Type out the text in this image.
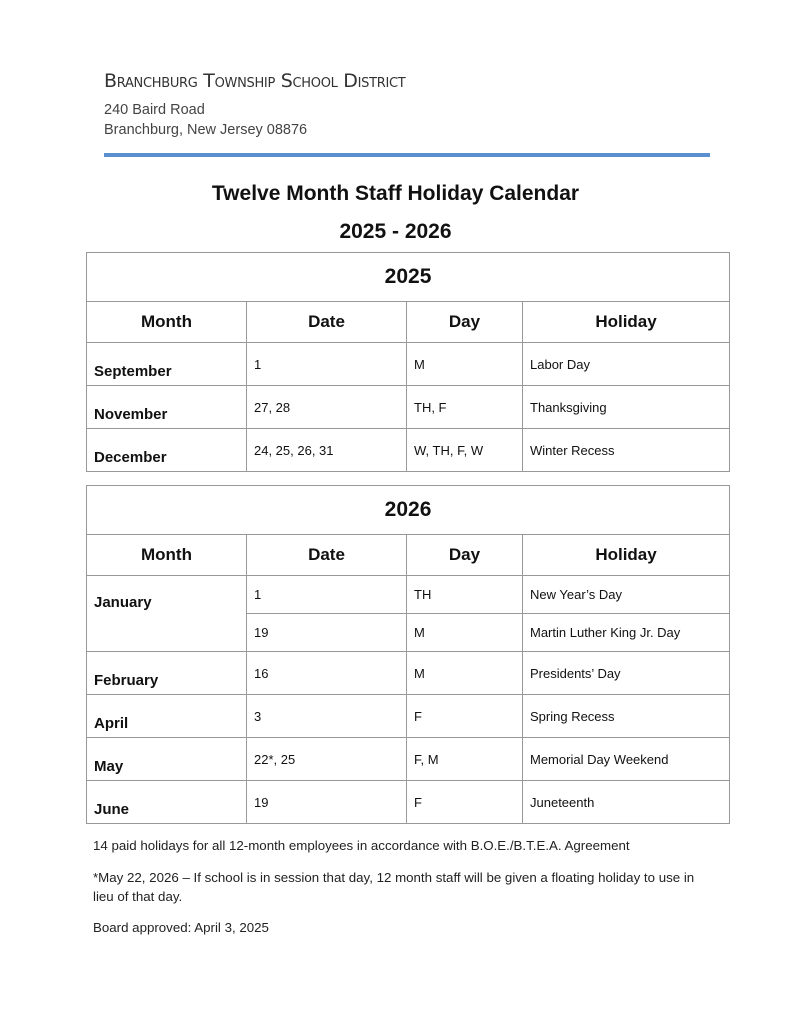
Branchburg Township School District

240 Baird Road
Branchburg, New Jersey 08876

Twelve Month Staff Holiday Calendar

2025 - 2026

2025			
Month	Date	Day	Holiday
September	1	M	Labor Day
November	27, 28	TH, F	Thanksgiving
December	24, 25, 26, 31	W, TH, F, W	Winter Recess
2026			
Month	Date	Day	Holiday
January	1	TH	New Year’s Day
	19	M	Martin Luther King Jr. Day
February	16	M	Presidents’ Day
April	3	F	Spring Recess
May	22*, 25	F, M	Memorial Day Weekend
June	19	F	Juneteenth

14 paid holidays for all 12-month employees in accordance with B.O.E./B.T.E.A. Agreement

*May 22, 2026 – If school is in session that day, 12 month staff will be given a floating holiday to use in lieu of that day.

Board approved: April 3, 2025
